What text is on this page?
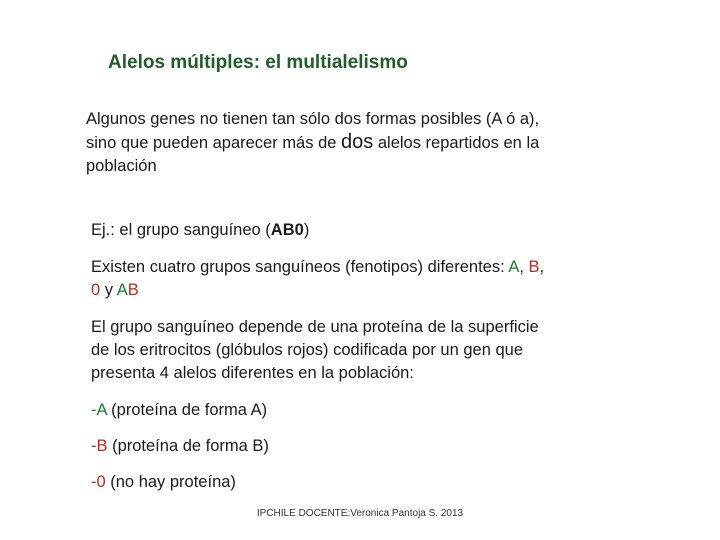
Alelos múltiples: el multialelismo
Algunos genes no tienen tan sólo dos formas posibles (A ó a),
sino que pueden aparecer más de dos alelos repartidos en la
población
Ej.: el grupo sanguíneo (AB0)
Existen cuatro grupos sanguíneos (fenotipos) diferentes: A, B,
0 y AB
El grupo sanguíneo depende de una proteína de la superficie
de los eritrocitos (glóbulos rojos) codificada por un gen que
presenta 4 alelos diferentes en la población:
-A (proteína de forma A)
-B (proteína de forma B)
-0 (no hay proteína)
IPCHILE DOCENTE:Veronica Pantoja S. 2013
